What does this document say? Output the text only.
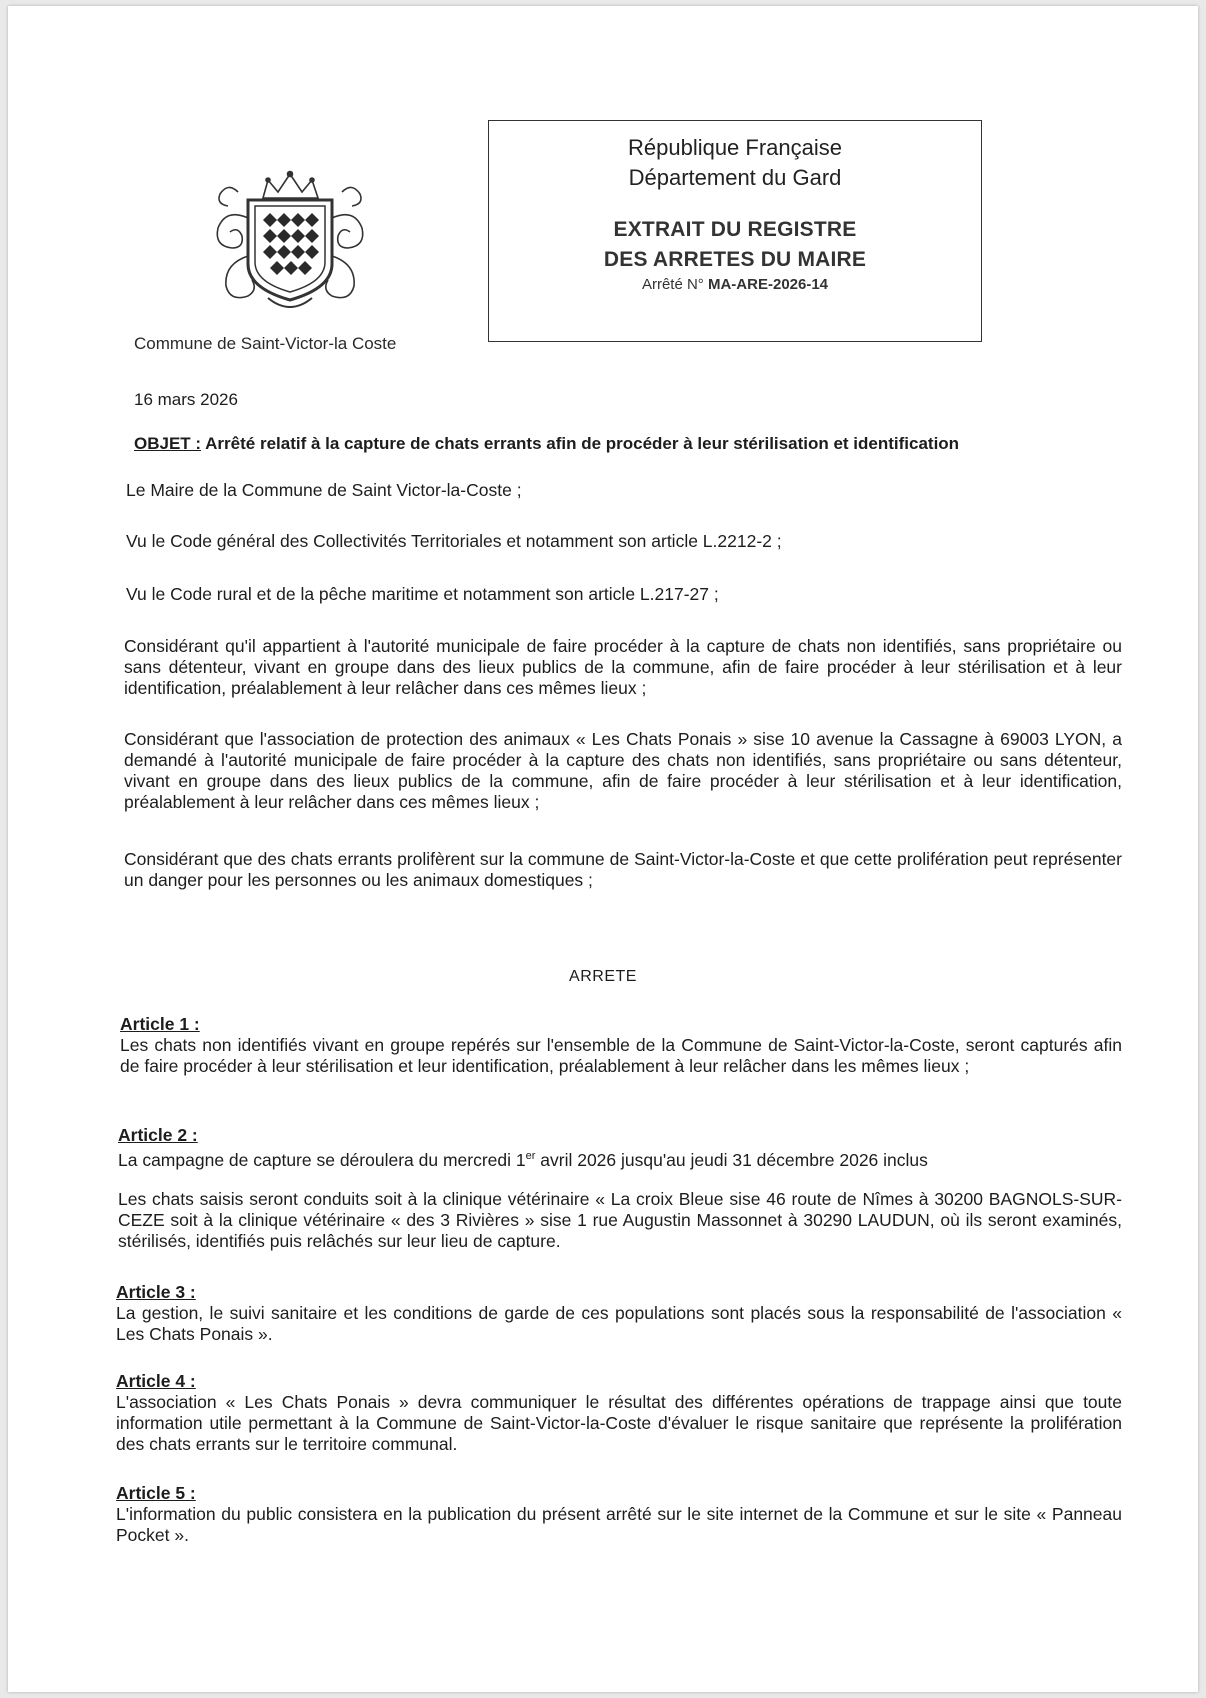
Commune de Saint-Victor-la Coste
République Française
Département du Gard
EXTRAIT DU REGISTRE
DES ARRETES DU MAIRE
Arrêté N° MA-ARE-2026-14
16 mars 2026
OBJET : Arrêté relatif à la capture de chats errants afin de procéder à leur stérilisation et identification
Le Maire de la Commune de Saint Victor-la-Coste ;
Vu le Code général des Collectivités Territoriales et notamment son article L.2212-2 ;
Vu le Code rural et de la pêche maritime et notamment son article L.217-27 ;
Considérant qu'il appartient à l'autorité municipale de faire procéder à la capture de chats non identifiés, sans propriétaire ou sans détenteur, vivant en groupe dans des lieux publics de la commune, afin de faire procéder à leur stérilisation et à leur identification, préalablement à leur relâcher dans ces mêmes lieux ;
Considérant que l'association de protection des animaux « Les Chats Ponais » sise 10 avenue la Cassagne à 69003 LYON, a demandé à l'autorité municipale de faire procéder à la capture des chats non identifiés, sans propriétaire ou sans détenteur, vivant en groupe dans des lieux publics de la commune, afin de faire procéder à leur stérilisation et à leur identification, préalablement à leur relâcher dans ces mêmes lieux ;
Considérant que des chats errants prolifèrent sur la commune de Saint-Victor-la-Coste et que cette prolifération peut représenter un danger pour les personnes ou les animaux domestiques ;
ARRETE
Article 1 :
Les chats non identifiés vivant en groupe repérés sur l'ensemble de la Commune de Saint-Victor-la-Coste, seront capturés afin de faire procéder à leur stérilisation et leur identification, préalablement à leur relâcher dans les mêmes lieux ;
Article 2 :
La campagne de capture se déroulera du mercredi 1er avril 2026 jusqu'au jeudi 31 décembre 2026 inclus
Les chats saisis seront conduits soit à la clinique vétérinaire « La croix Bleue sise 46 route de Nîmes à 30200 BAGNOLS-SUR-CEZE soit à la clinique vétérinaire « des 3 Rivières » sise 1 rue Augustin Massonnet à 30290 LAUDUN, où ils seront examinés, stérilisés, identifiés puis relâchés sur leur lieu de capture.
Article 3 :
La gestion, le suivi sanitaire et les conditions de garde de ces populations sont placés sous la responsabilité de l'association « Les Chats Ponais ».
Article 4 :
L'association « Les Chats Ponais » devra communiquer le résultat des différentes opérations de trappage ainsi que toute information utile permettant à la Commune de Saint-Victor-la-Coste d'évaluer le risque sanitaire que représente la prolifération des chats errants sur le territoire communal.
Article 5 :
L'information du public consistera en la publication du présent arrêté sur le site internet de la Commune et sur le site « Panneau Pocket ».
